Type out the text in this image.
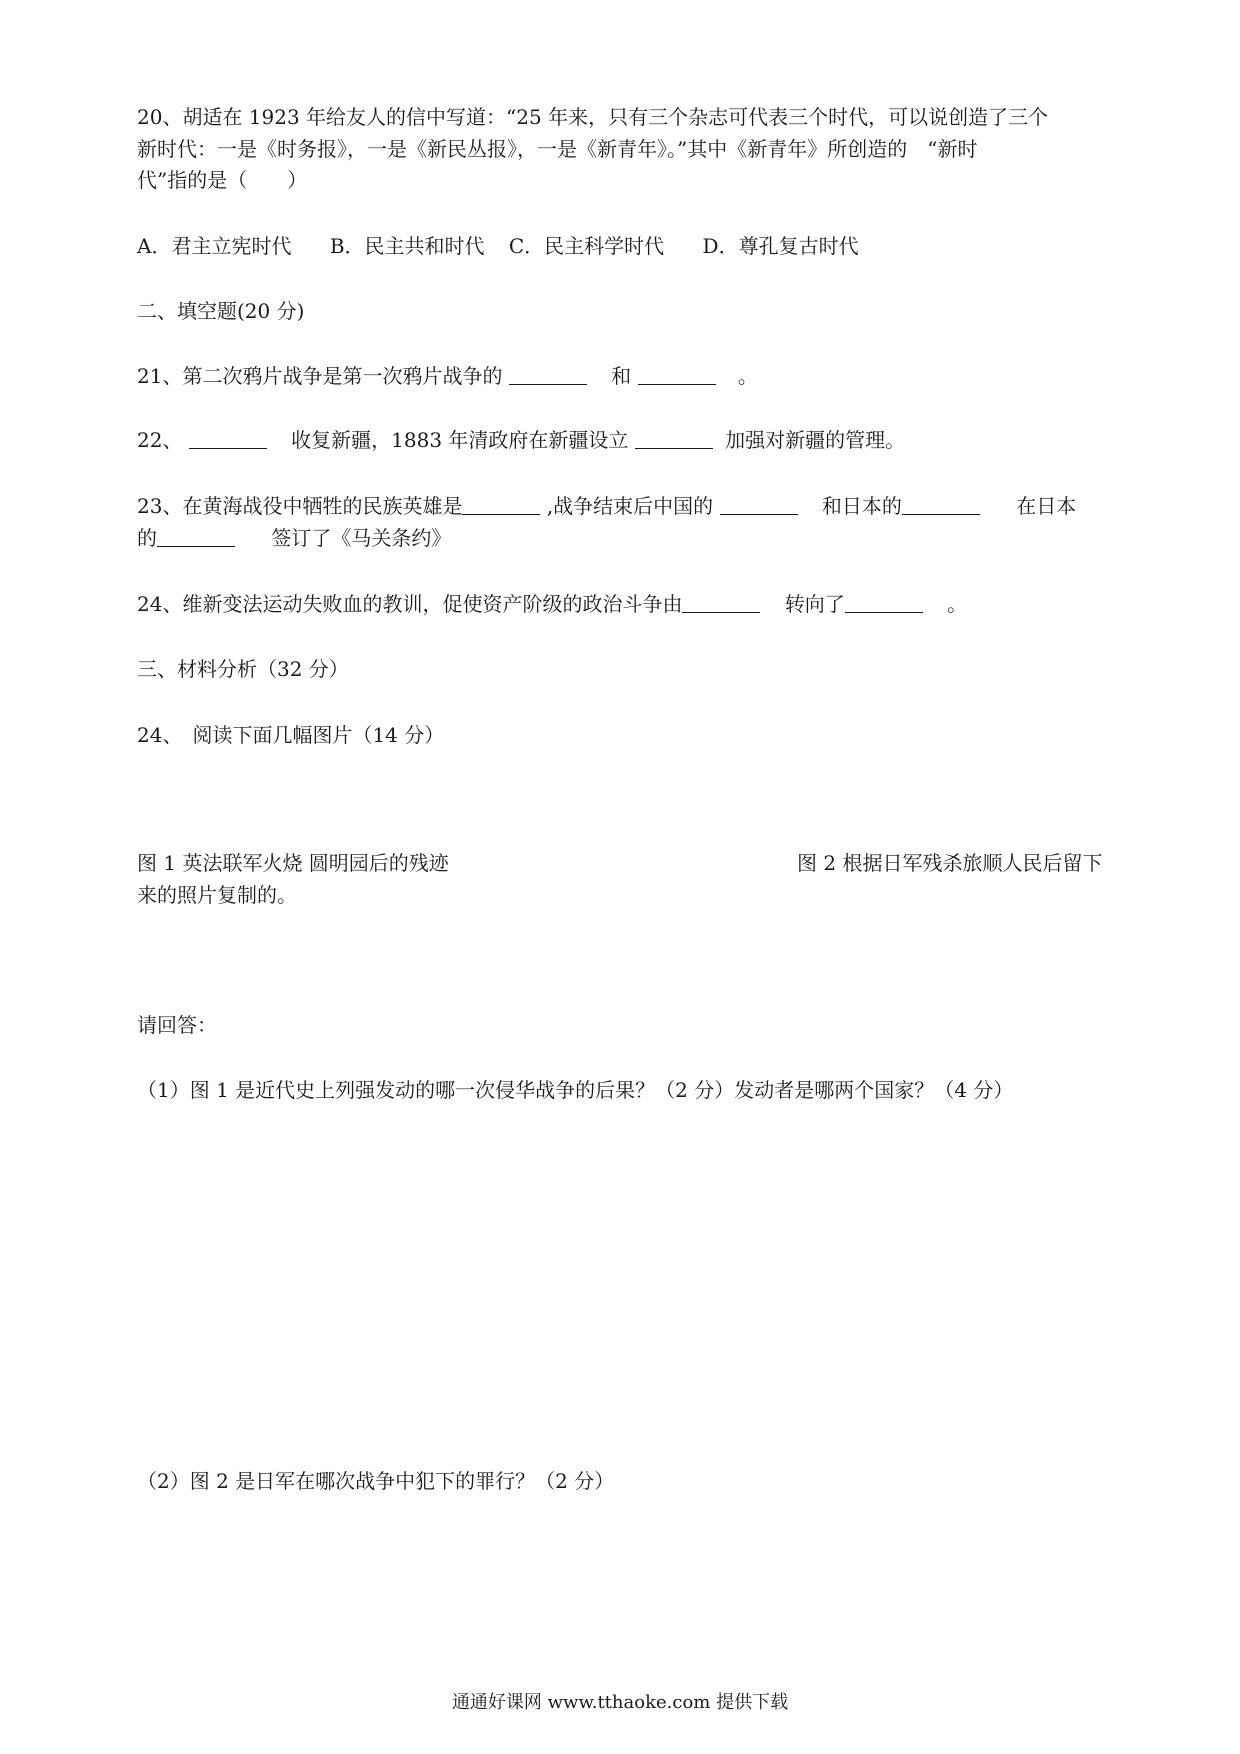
20、胡适在 1923 年给友人的信中写道：“25 年来，只有三个杂志可代表三个时代，可以说创造了三个
新时代：一是《时务报》，一是《新民丛报》，一是《新青年》。”其中《新青年》所创造的　“新时
代”指的是（　　）
A．君主立宪时代 B．民主共和时代 C．民主科学时代 D．尊孔复古时代
二、填空题(20 分)
21、第二次鸦片战争是第一次鸦片战争的	和	。
22、	收复新疆，1883 年清政府在新疆设立	加强对新疆的管理。
23、在黄海战役中牺牲的民族英雄是	,战争结束后中国的	和日本的	在日本
的	签订了《马关条约》
24、维新变法运动失败血的教训，促使资产阶级的政治斗争由	转向了	。
三、材料分析（32 分）
24、　阅读下面几幅图片（14 分）
图 1 英法联军火烧 圆明园后的残迹	图 2 根据日军残杀旅顺人民后留下
来的照片复制的。
请回答：
（1）图 1 是近代史上列强发动的哪一次侵华战争的后果？（2 分）发动者是哪两个国家？（4 分）
（2）图 2 是日军在哪次战争中犯下的罪行？（2 分）
通通好课网 www.tthaoke.com 提供下载
